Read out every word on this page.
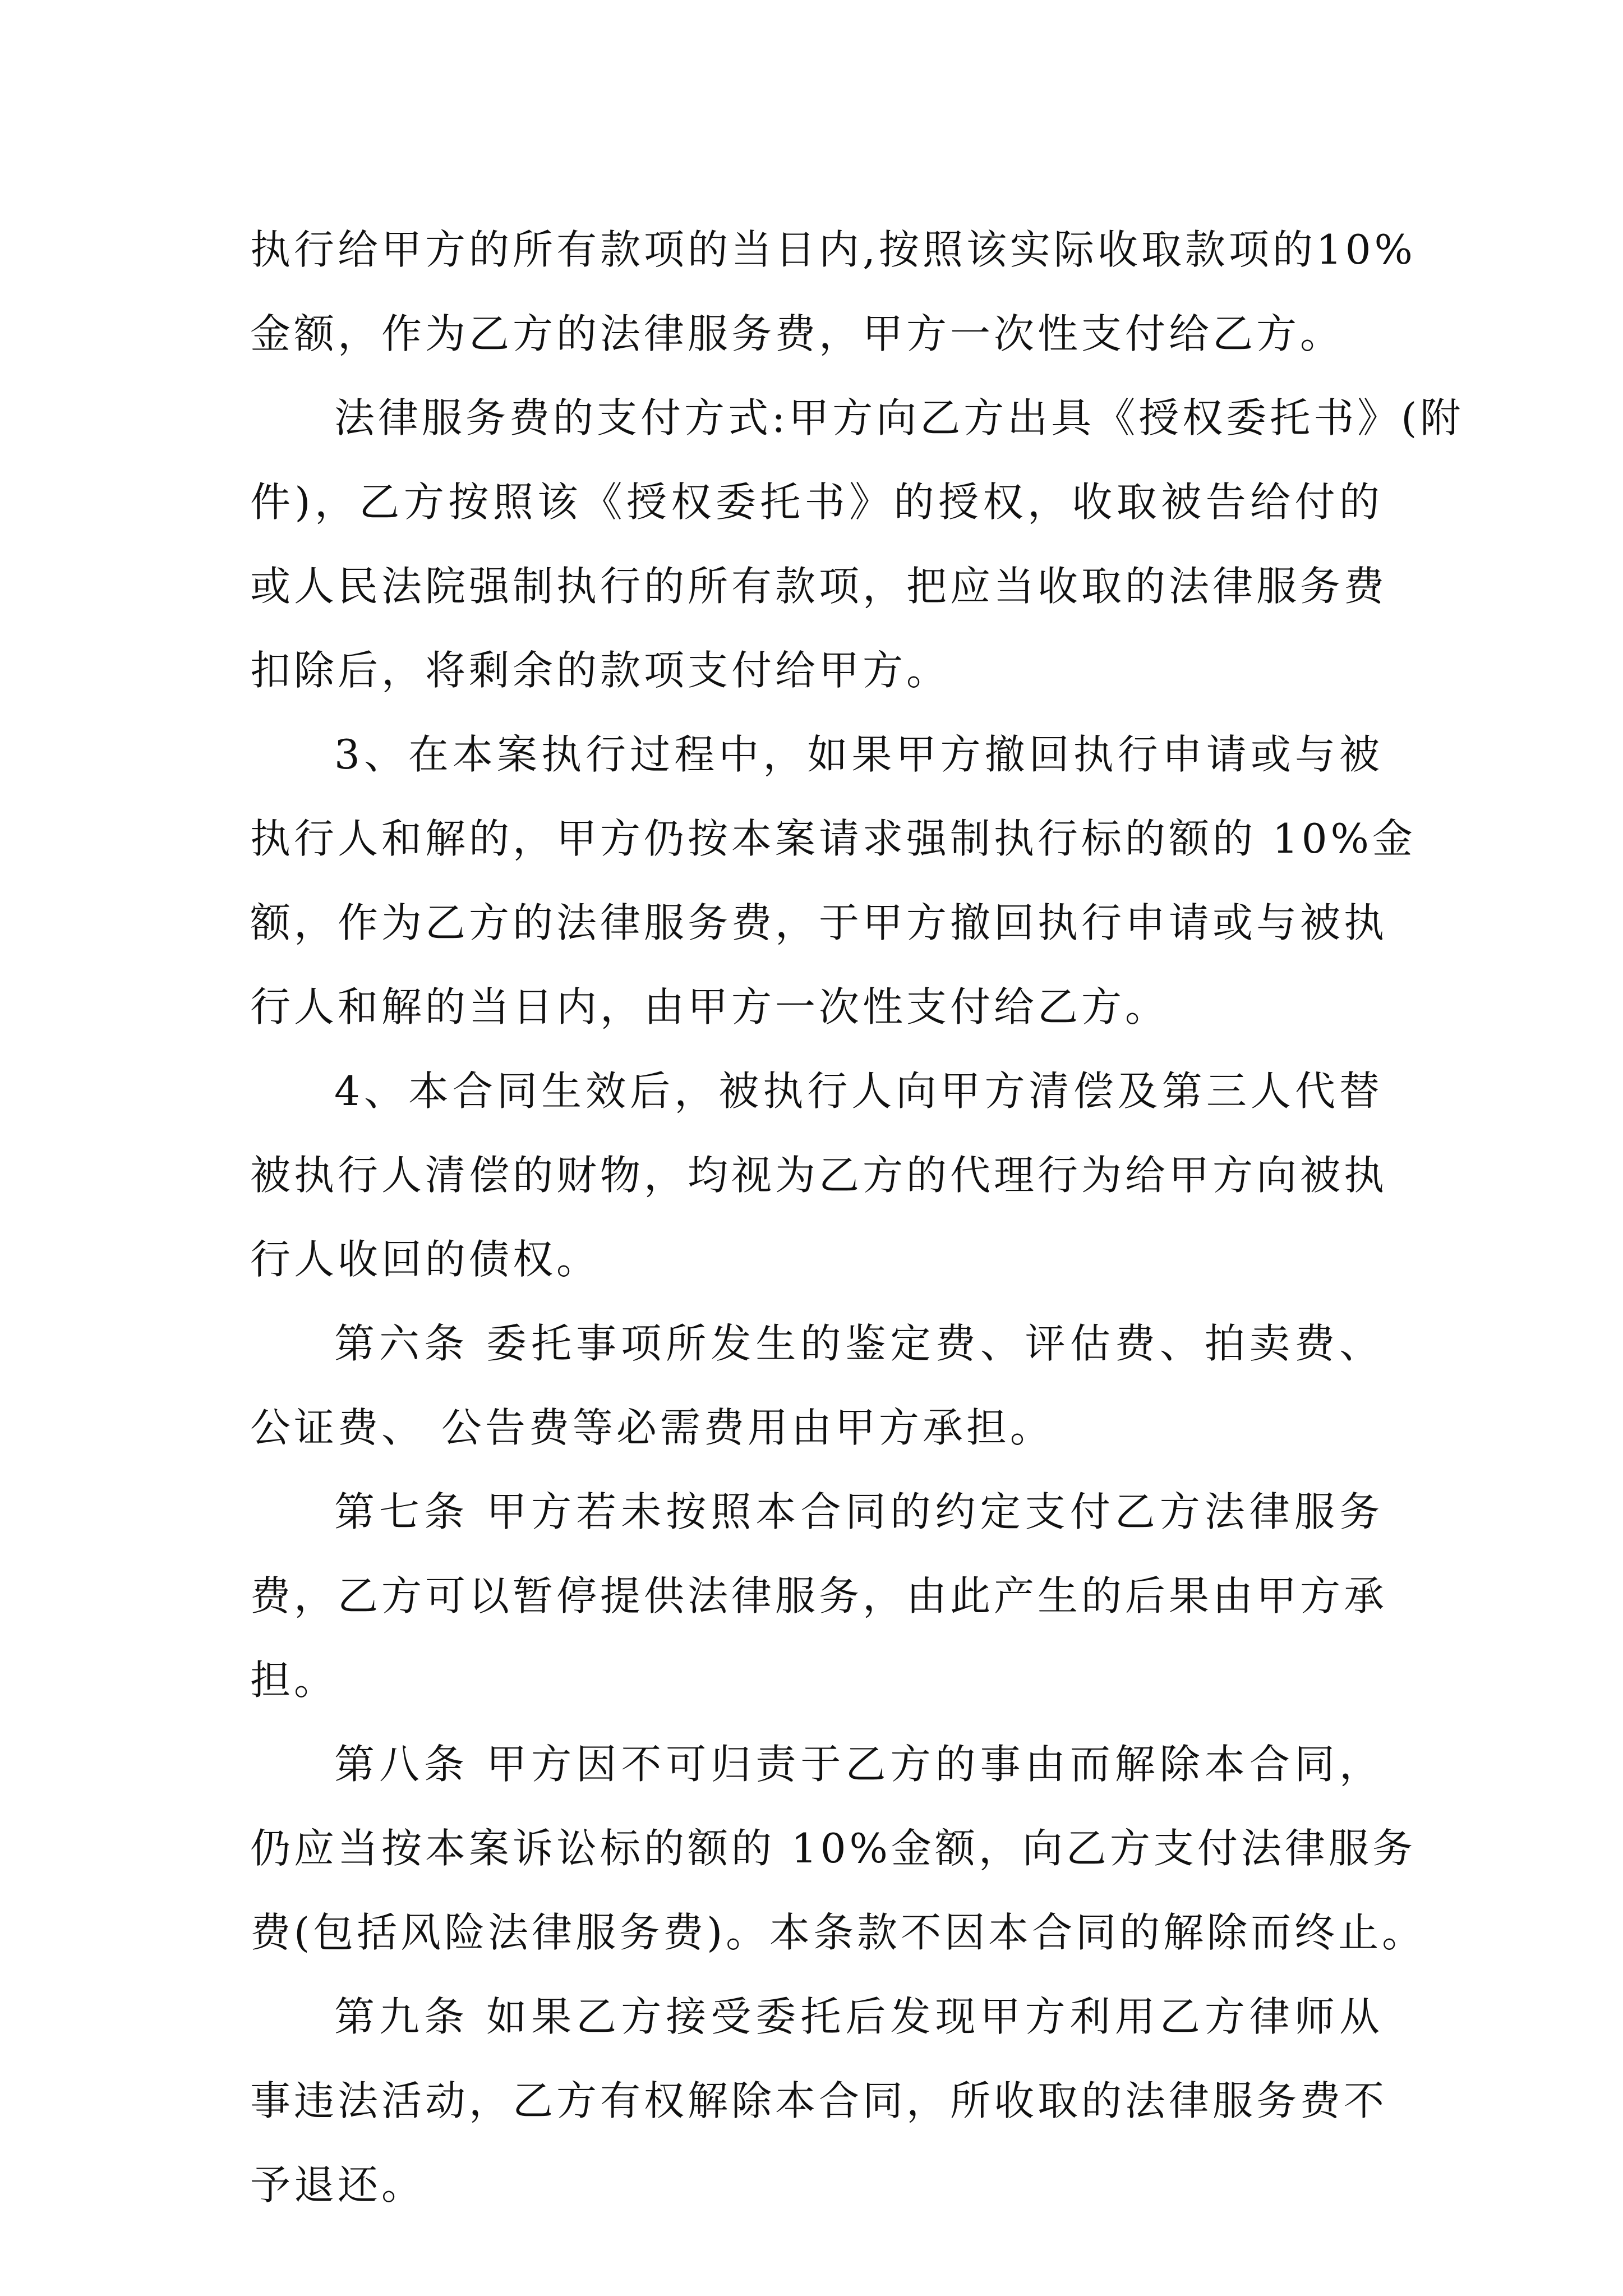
执行给甲方的所有款项的当日内,按照该实际收取款项的10%
金额，作为乙方的法律服务费，甲方一次性支付给乙方。
法律服务费的支付方式:甲方向乙方出具《授权委托书》(附
件)，乙方按照该《授权委托书》的授权，收取被告给付的
或人民法院强制执行的所有款项，把应当收取的法律服务费
扣除后，将剩余的款项支付给甲方。
3、在本案执行过程中，如果甲方撤回执行申请或与被
执行人和解的，甲方仍按本案请求强制执行标的额的 10%金
额，作为乙方的法律服务费，于甲方撤回执行申请或与被执
行人和解的当日内，由甲方一次性支付给乙方。
4、本合同生效后，被执行人向甲方清偿及第三人代替
被执行人清偿的财物，均视为乙方的代理行为给甲方向被执
行人收回的债权。
第六条 委托事项所发生的鉴定费、评估费、拍卖费、
公证费、 公告费等必需费用由甲方承担。
第七条 甲方若未按照本合同的约定支付乙方法律服务
费，乙方可以暂停提供法律服务，由此产生的后果由甲方承
担。
第八条 甲方因不可归责于乙方的事由而解除本合同，
仍应当按本案诉讼标的额的 10%金额，向乙方支付法律服务
费(包括风险法律服务费)。本条款不因本合同的解除而终止。
第九条 如果乙方接受委托后发现甲方利用乙方律师从
事违法活动，乙方有权解除本合同，所收取的法律服务费不
予退还。
